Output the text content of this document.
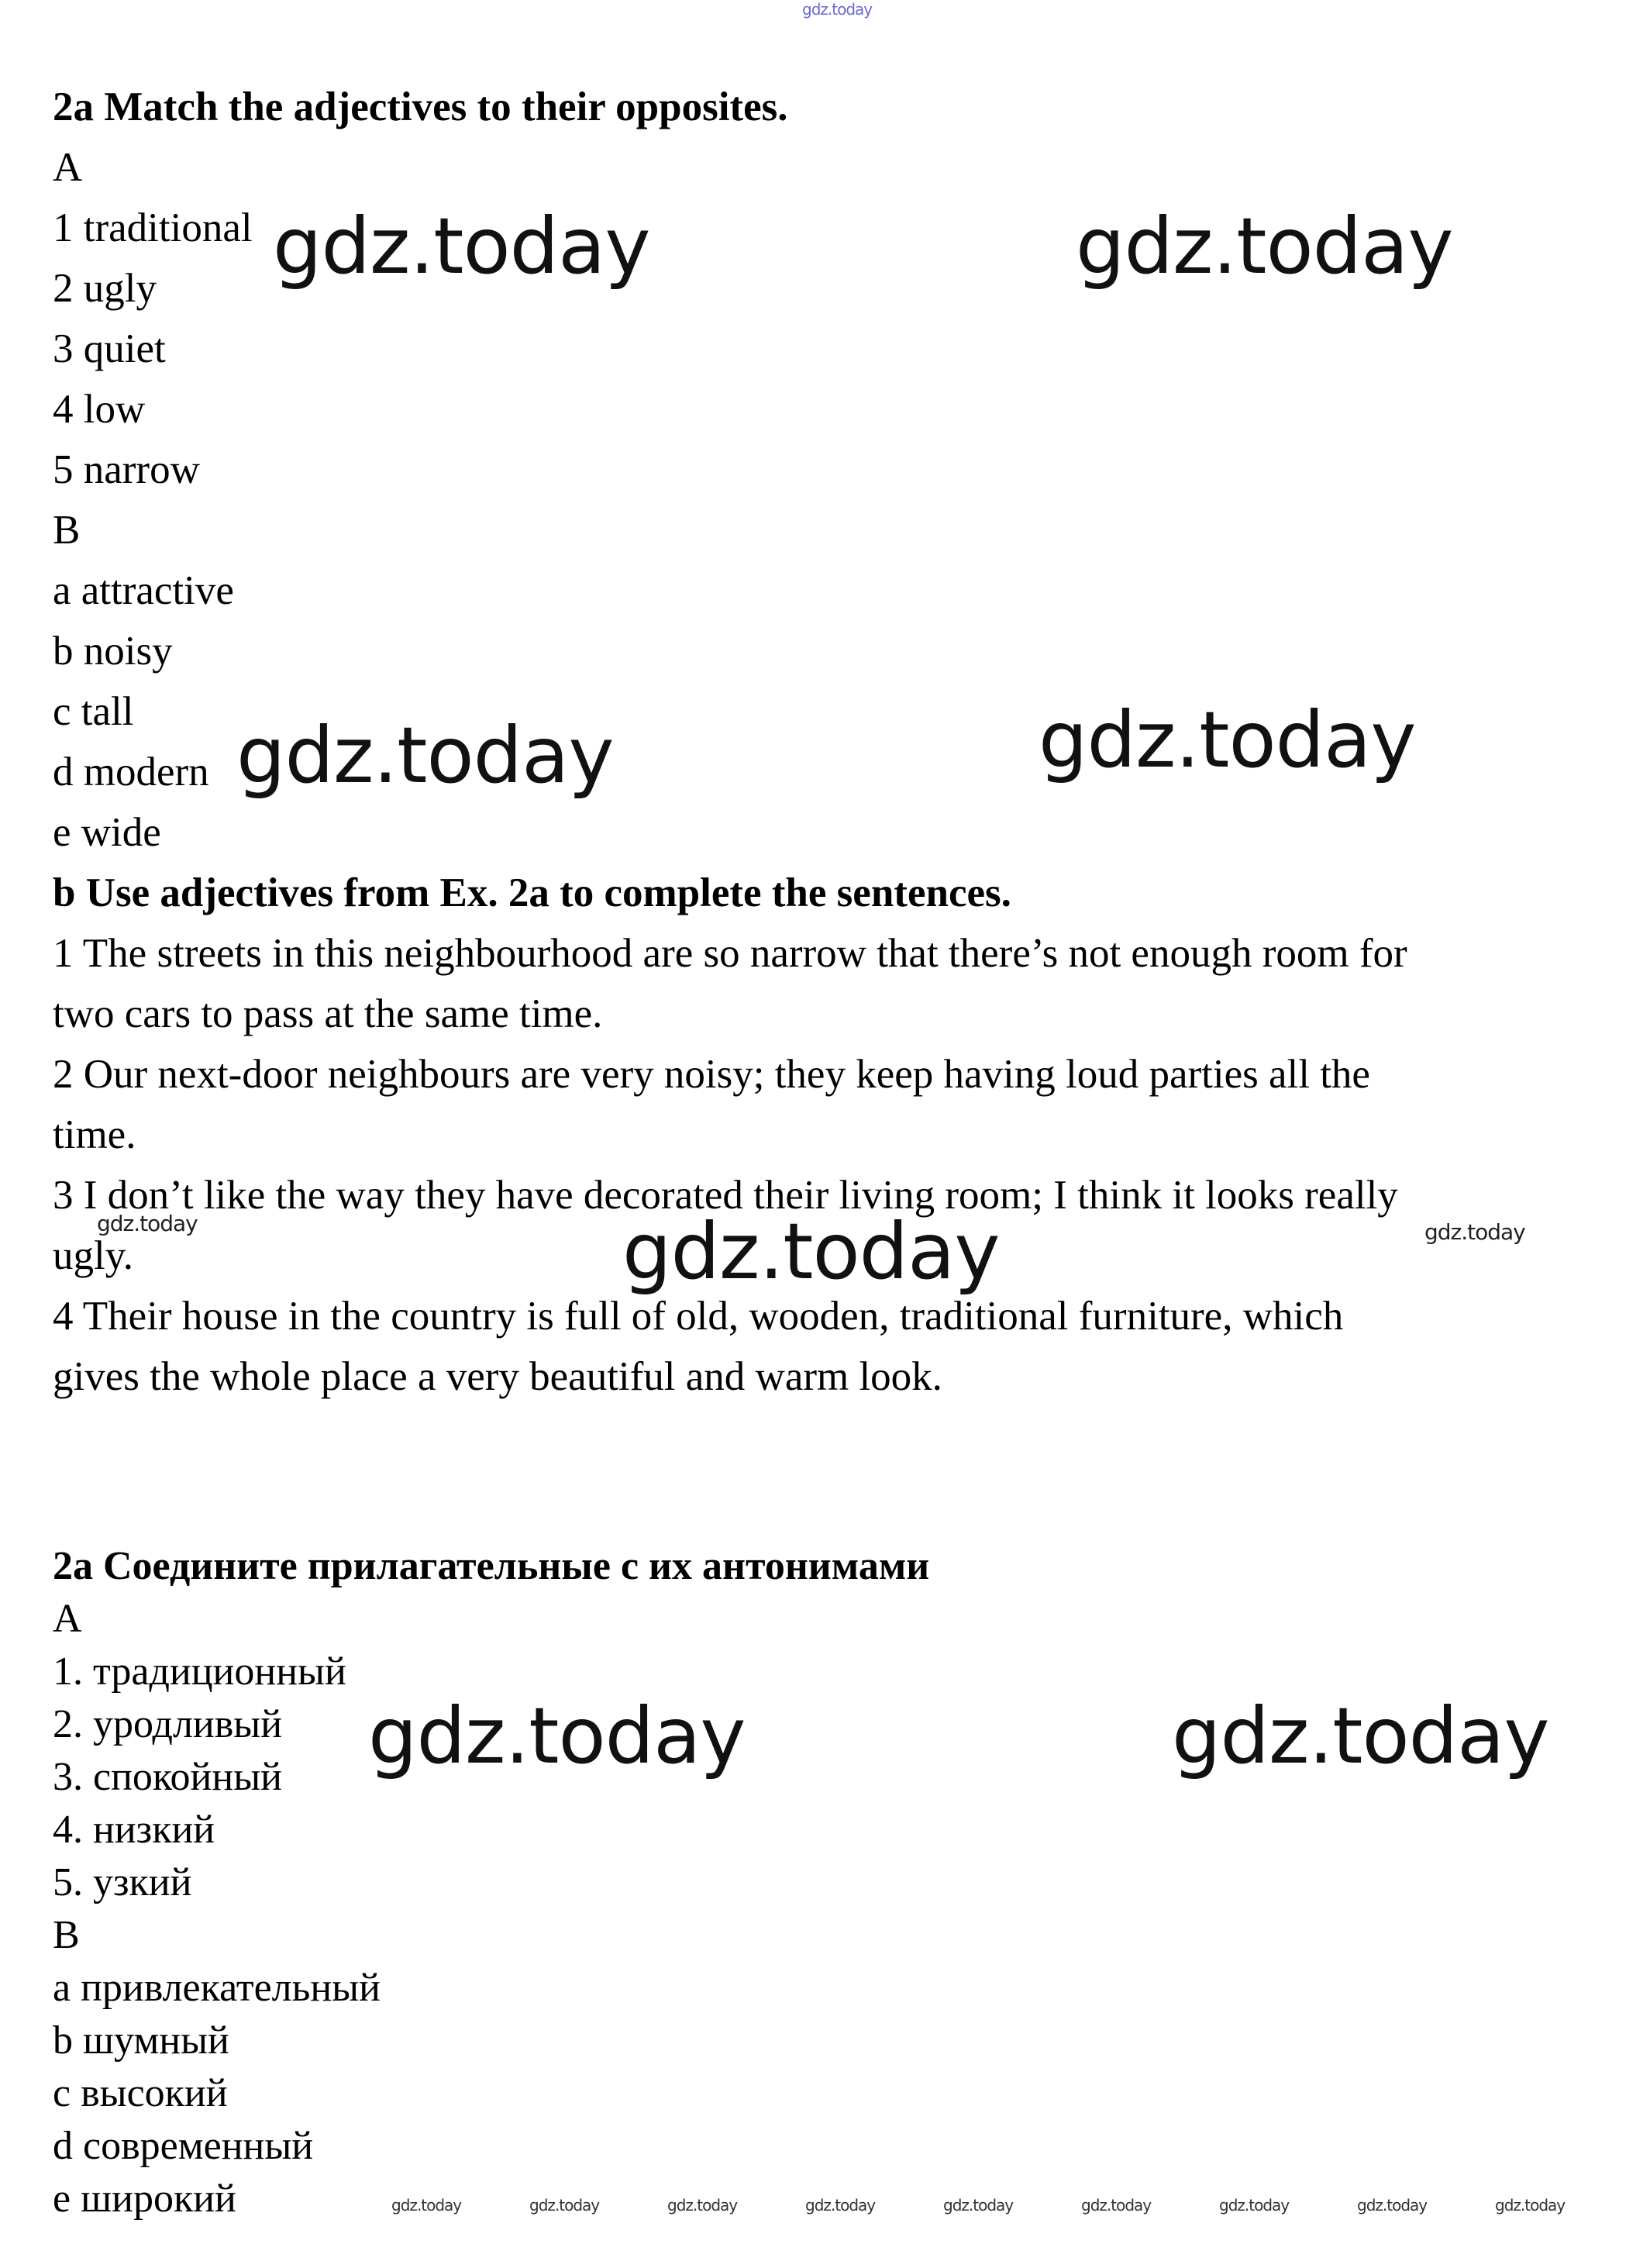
gdz.today
2a Match the adjectives to their opposites.
A
1 traditional
2 ugly
3 quiet
4 low
5 narrow
B
a attractive
b noisy
c tall
d modern
e wide
b Use adjectives from Ex. 2a to complete the sentences.
1 The streets in this neighbourhood are so narrow that there’s not enough room for
two cars to pass at the same time.
2 Our next-door neighbours are very noisy; they keep having loud parties all the
time.
3 I don’t like the way they have decorated their living room; I think it looks really
ugly.
4 Their house in the country is full of old, wooden, traditional furniture, which
gives the whole place a very beautiful and warm look.
2a Соедините прилагательные с их антонимами
A
1. традиционный
2. уродливый
3. спокойный
4. низкий
5. узкий
B
a привлекательный
b шумный
c высокий
d современный
e широкий
gdz.today	gdz.today
gdz.today	gdz.today
gdz.today
gdz.today	gdz.today
gdz.today	gdz.today
gdz.today	gdz.today	gdz.today	gdz.today	gdz.today	gdz.today	gdz.today	gdz.today	gdz.today
